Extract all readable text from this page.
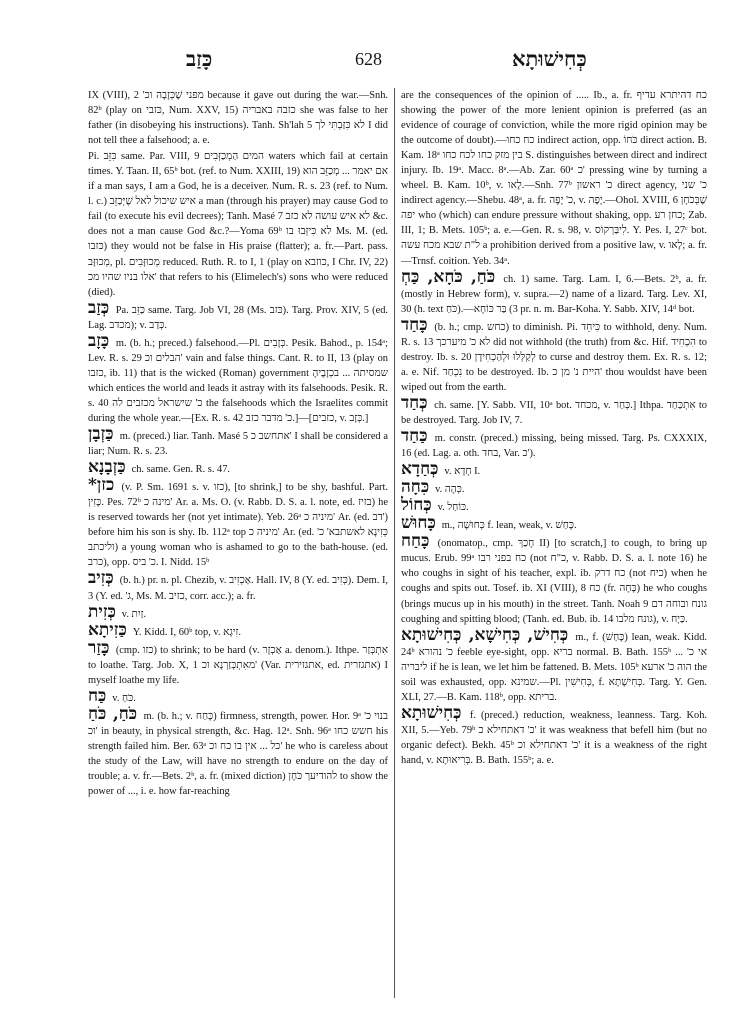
כָּזַב	628	כְּחִישׁוּתָא

IX (VIII), 2 'מפני שֶׁכְּזָבָה וכ because it gave out during the war.—Snh. 82ᵇ (play on כּזבי, Num. XXV, 15) כזבה באבריה she was false to her father (in disobeying his instructions). Tanh. Sh'lah 5 לא כִּזַּבְתִּי לך I did not tell thee a falsehood; a. e.

Pi. כִּזֵּב same. Par. VIII, 9 המים הַמְכַזְּבִים waters which fail at certain times. Y. Taan. II, 65ᵇ bot. (ref. to Num. XXIII, 19) אם יאמר ... מְכַזֵּב הוא if a man says, I am a God, he is a deceiver. Num. R. s. 23 (ref. to Num. l. c.) איש שיכול לאל שֶׁיְּכַזֵּב a man (through his prayer) may cause God to fail (to execute his evil decrees); Tanh. Masé 7 לא איש עושה לא כזב &c. does not a man cause God &c.?—Yoma 69ᵇ לא כִּיזְּבוּ בו Ms. M. (ed. כּזבו) they would not be false in His praise (flatter); a. fr.—Part. pass. מְכוּזָּב, pl. מְכוּזָּבִים reduced. Ruth. R. to I, 1 (play on כוזבא, I Chr. IV, 22) אלו בניו שהיו מכ' that refers to his (Elimelech's) sons who were reduced (died).

כְּזַב Pa. כַּזֵּב same. Targ. Job VI, 28 (Ms. כּזב). Targ. Prov. XIV, 5 (ed. Lag. מכדב); v. כְּדַב.

כָּזָב m. (b. h.; preced.) falsehood.—Pl. כְּזָבִים. Pesik. Bahod., p. 154ᵃ; Lev. R. s. 29 הבלים וכ' vain and false things. Cant. R. to II, 13 (play on כזבו, ib. 11) that is the wicked (Roman) government שמסיתה ... בכְזָבֶיהָ which entices the world and leads it astray with its falsehoods. Pesik. R. s. 40 כ' שישראל מכזבים לה the falsehoods which the Israelites commit during the whole year.—[Ex. R. s. 42 כ' מדבר כזב.]—[כזבים, v. כְּזָב.]

כַּזְבָן m. (preced.) liar. Tanh. Masé 5 אתחשב כ' I shall be considered a liar; Num. R. s. 23.

כַּזְבָנָא ch. same. Gen. R. s. 47.

*כזן (v. P. Sm. 1691 s. v. כזו), [to shrink,] to be shy, bashful. Part. כָּזִין. Pes. 72ᵇ מינה כ' Ar. a. Ms. O. (v. Rabb. D. S. a. l. note, ed. בזיז) he is reserved towards her (not yet intimate). Yeb. 26ᵃ מיניה כ' Ar. (ed. דב') before him his son is shy. Ib. 112ᵃ top מיניה כ' Ar. (ed. כְּזִינָא לאשתבא' כ' וליכתב) a young woman who is ashamed to go to the bath-house. (ed. כרב), opp. כ' ביס. I. Nidd. 15ᵇ

כְּזִיב (b. h.) pr. n. pl. Chezib, v. אַכְזִיב. Hall. IV, 8 (Y. ed. כְּזִיב). Dem. I, 3 (Y. ed. 'ג, Ms. M. כזיב, corr. acc.); a. fr.

כְּזִית v. זַיִת.

כַּזִיתָא Y. Kidd. I, 60ᵇ top, v. זִיגָא.

כָּזַר (cmp. כזו) to shrink; to be hard (v. אַכְזָר a. denom.). Ithpe. אִתְכְּזַר to loathe. Targ. Job. X, 1 מאִתְכְּזַרְנָא וכ' (Var. אתגזירית, ed. אתגזרית) I myself loathe my life.

כַּח v. כֹּחַ.

כֹּחַ, כֹּחַ m. (b. h.; v. כָּחַח) firmness, strength, power. Hor. 9ᵃ בנוי כ' וכ' in beauty, in physical strength, &c. Hag. 12ᵃ. Snh. 96ᵃ חשש כחו his strength failed him. Ber. 63ᵃ כל ... אין בו כח וכ' he who is careless about the study of the Law, will have no strength to endure on the day of trouble; a. v. fr.—Bets. 2ᵇ, a. fr. (mixed diction) להודיעך כֹּחָן to show the power of ..., i. e. how far-reaching

are the consequences of the opinion of ..... Ib., a. fr. כח דהיתרא עדיף showing the power of the more lenient opinion is preferred (as an evidence of courage of conviction, while the more rigid opinion may be the outcome of doubt).—כח כחו indirect action, opp. כֹּחוֹ direct action. B. Kam. 18ᵃ בין מזק כחו לכח כחו S. distinguishes between direct and indirect injury. Ib. 19ᵃ. Macc. 8ᵃ.—Ab. Zar. 60ᵃ כ' pressing wine by turning a wheel. B. Kam. 10ᵇ, v. לָאו.—Snh. 77ᵇ כ' ראשון direct agency, כ' שני indirect agency.—Shebu. 48ᵃ, a. fr. כ' יָפֶה, v. יָפֶה.—Ohol. XVIII, 6 שֶׁבְּכֹחָן יפה who (which) can endure pressure without shaking, opp. כחן רע; Zab. III, 1; B. Mets. 105ᵇ; a. e.—Gen. R. s. 98, v. לִיבַּרְקוֹס. Y. Pes. I, 27ᶜ bot. ל"ת שבא מכח עשה a prohibition derived from a positive law, v. לָאו; a. fr.—Trnsf. coition. Yeb. 34ᵃ.

כֹּחַ, כֹּחָא, כַּחְ ch. 1) same. Targ. Lam. I, 6.—Bets. 2ᵇ, a. fr. (mostly in Hebrew form), v. supra.—2) name of a lizard. Targ. Lev. XI, 30 (h. text כֹּחַ).—3) בַּר כּוֹחָא pr. n. m. Bar-Koha. Y. Sabb. XIV, 14ᵈ bot.

כָּחַד (b. h.; cmp. כחש) to diminish. Pi. כִּיחֵד to withhold, deny. Num. R. s. 13 לא כ' מיערכך did not withhold (the truth) from &c. Hif. הִכְחִיד to destroy. Ib. s. 20 לְקַלְּלוּ וּלְהַכְחִידָן to curse and destroy them. Ex. R. s. 12; a. e. Nif. נִכְחַד to be destroyed. Ib. היית נ' מן כ' thou wouldst have been wiped out from the earth.

כְּחַד ch. same. [Y. Sabb. VII, 10ᵃ bot. מכחד, v. כְּחַר.] Ithpa. אִתְכַּחַד to be destroyed. Targ. Job IV, 7.

כַּחַד m. constr. (preced.) missing, being missed. Targ. Ps. CXXXIX, 16 (ed. Lag. a. oth. בחד, Var. כ').

כְּחַדָא v. חָדָא I.

כִּחָה v. כְּהָה.

כְּחוֹל v. כּוֹחַל.

כָּחוּשׁ m., כְּחוּשָׁה f. lean, weak, v. כָּחַשׁ.

כָּחַח (onomatop., cmp. חָכַךְ II) [to scratch,] to cough, to bring up mucus. Erub. 99ᵃ כח בפני רבו (not כ"ח, v. Rabb. D. S. a. l. note 16) he who coughs in sight of his teacher, expl. ib. כח דרק (not כיח) when he coughs and spits out. Tosef. ib. XI (VIII), 8 כח (fr. כָּחָה) he who coughs (brings mucus up in his mouth) in the street. Tanh. Noah 9 גונח ובוחה דם coughing and spitting blood; (Tanh. ed. Bub. ib. 14 גונח מלבו), v. כַּיָח.

כְּחִישׁ, כְּחִישָׁא, כְּחִישׁוּתָא m., f. (כָּחַשׁ) lean, weak. Kidd. 24ᵇ כ' נהורא feeble eye-sight, opp. בריא normal. B. Bath. 155ᵇ אי כ' ... ליבריה if he is lean, we let him be fattened. B. Mets. 105ᵇ הוה כ' ארעא the soil was exhausted, opp. שמינא.—Pl. כְּחִישִׁין, f. כְּחִישָׁתָא. Targ. Y. Gen. XLI, 27.—B. Kam. 118ᵇ, opp. בריתא.

כְּחִישׁוּתָא f. (preced.) reduction, weakness, leanness. Targ. Koh. XII, 5.—Yeb. 79ᵇ כ' דאתחילא כ' it was weakness that befell him (but no organic defect). Bekh. 45ᵇ כ' דאתחילא וכ' it is a weakness of the right hand, v. בְּרִיאוּתָא. B. Bath. 155ᵇ; a. e.
